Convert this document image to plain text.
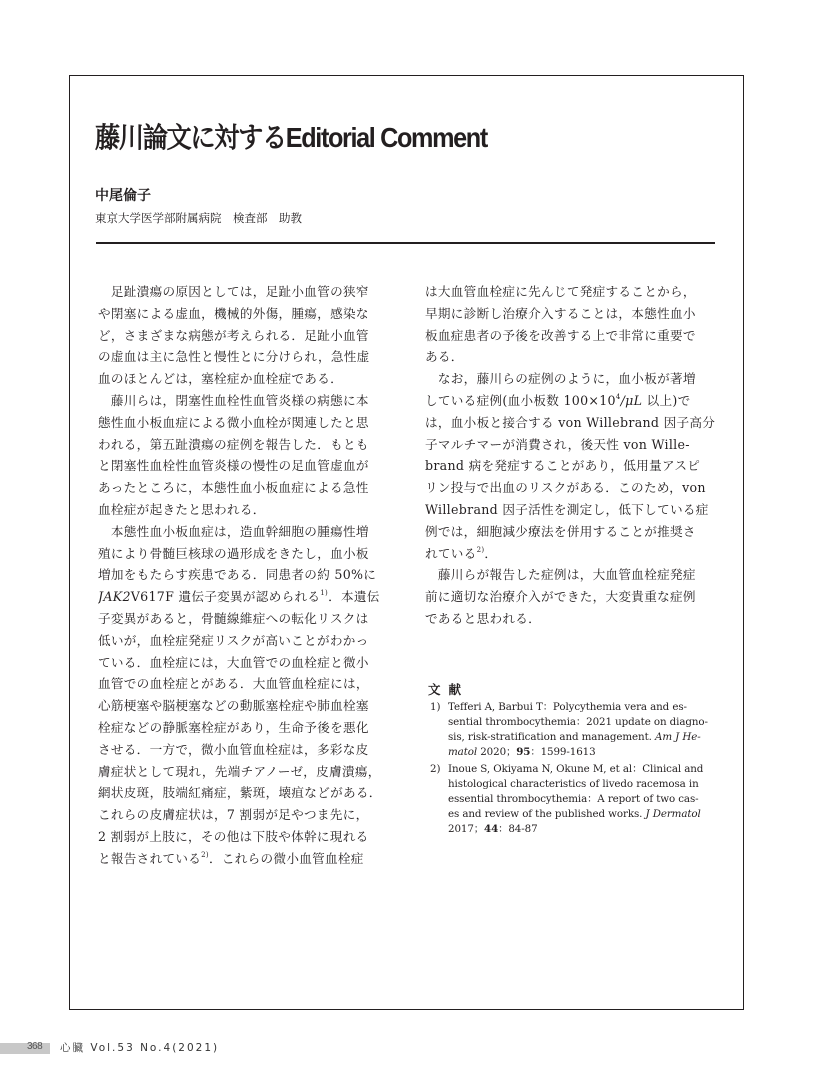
藤川論文に対するEditorial Comment
中尾倫子
東京大学医学部附属病院　検査部　助教
　足趾潰瘍の原因としては，足趾小血管の狭窄
や閉塞による虚血，機械的外傷，腫瘍，感染な
ど，さまざまな病態が考えられる．足趾小血管
の虚血は主に急性と慢性とに分けられ，急性虚
血のほとんどは，塞栓症か血栓症である．
　藤川らは，閉塞性血栓性血管炎様の病態に本
態性血小板血症による微小血栓が関連したと思
われる，第五趾潰瘍の症例を報告した．もとも
と閉塞性血栓性血管炎様の慢性の足血管虚血が
あったところに，本態性血小板血症による急性
血栓症が起きたと思われる．
　本態性血小板血症は，造血幹細胞の腫瘍性増
殖により骨髄巨核球の過形成をきたし，血小板
増加をもたらす疾患である．同患者の約 50%に
JAK2V617F 遺伝子変異が認められる$^{1)}$．本遺伝
子変異があると，骨髄線維症への転化リスクは
低いが，血栓症発症リスクが高いことがわかっ
ている．血栓症には，大血管での血栓症と微小
血管での血栓症とがある．大血管血栓症には，
心筋梗塞や脳梗塞などの動脈塞栓症や肺血栓塞
栓症などの静脈塞栓症があり，生命予後を悪化
させる．一方で，微小血管血栓症は，多彩な皮
膚症状として現れ，先端チアノーゼ，皮膚潰瘍，
網状皮斑，肢端紅痛症，紫斑，壊疽などがある．
これらの皮膚症状は，7 割弱が足やつま先に，
2 割弱が上肢に，その他は下肢や体幹に現れる
と報告されている$^{2)}$．これらの微小血管血栓症
は大血管血栓症に先んじて発症することから，
早期に診断し治療介入することは，本態性血小
板血症患者の予後を改善する上で非常に重要で
ある．
　なお，藤川らの症例のように，血小板が著増
している症例(血小板数 $100\times 10^4/\mu L$ 以上)で
は，血小板と接合する von Willebrand 因子高分
子マルチマーが消費され，後天性 von Wille-
brand 病を発症することがあり，低用量アスピ
リン投与で出血のリスクがある．このため，von
Willebrand 因子活性を測定し，低下している症
例では，細胞減少療法を併用することが推奨さ
れている$^{2)}$．
　藤川らが報告した症例は，大血管血栓症発症
前に適切な治療介入ができた，大変貴重な症例
であると思われる．
文献
1) Tefferi A, Barbui T：Polycythemia vera and es-
sential thrombocythemia：2021 update on diagno-
sis, risk-stratification and management. Am J He-
matol 2020；95：1599-1613
2) Inoue S, Okiyama N, Okune M, et al：Clinical and
histological characteristics of livedo racemosa in
essential thrombocythemia：A report of two cas-
es and review of the published works. J Dermatol
2017；44：84-87
368 心臓 Vol.53 No.4(2021)
